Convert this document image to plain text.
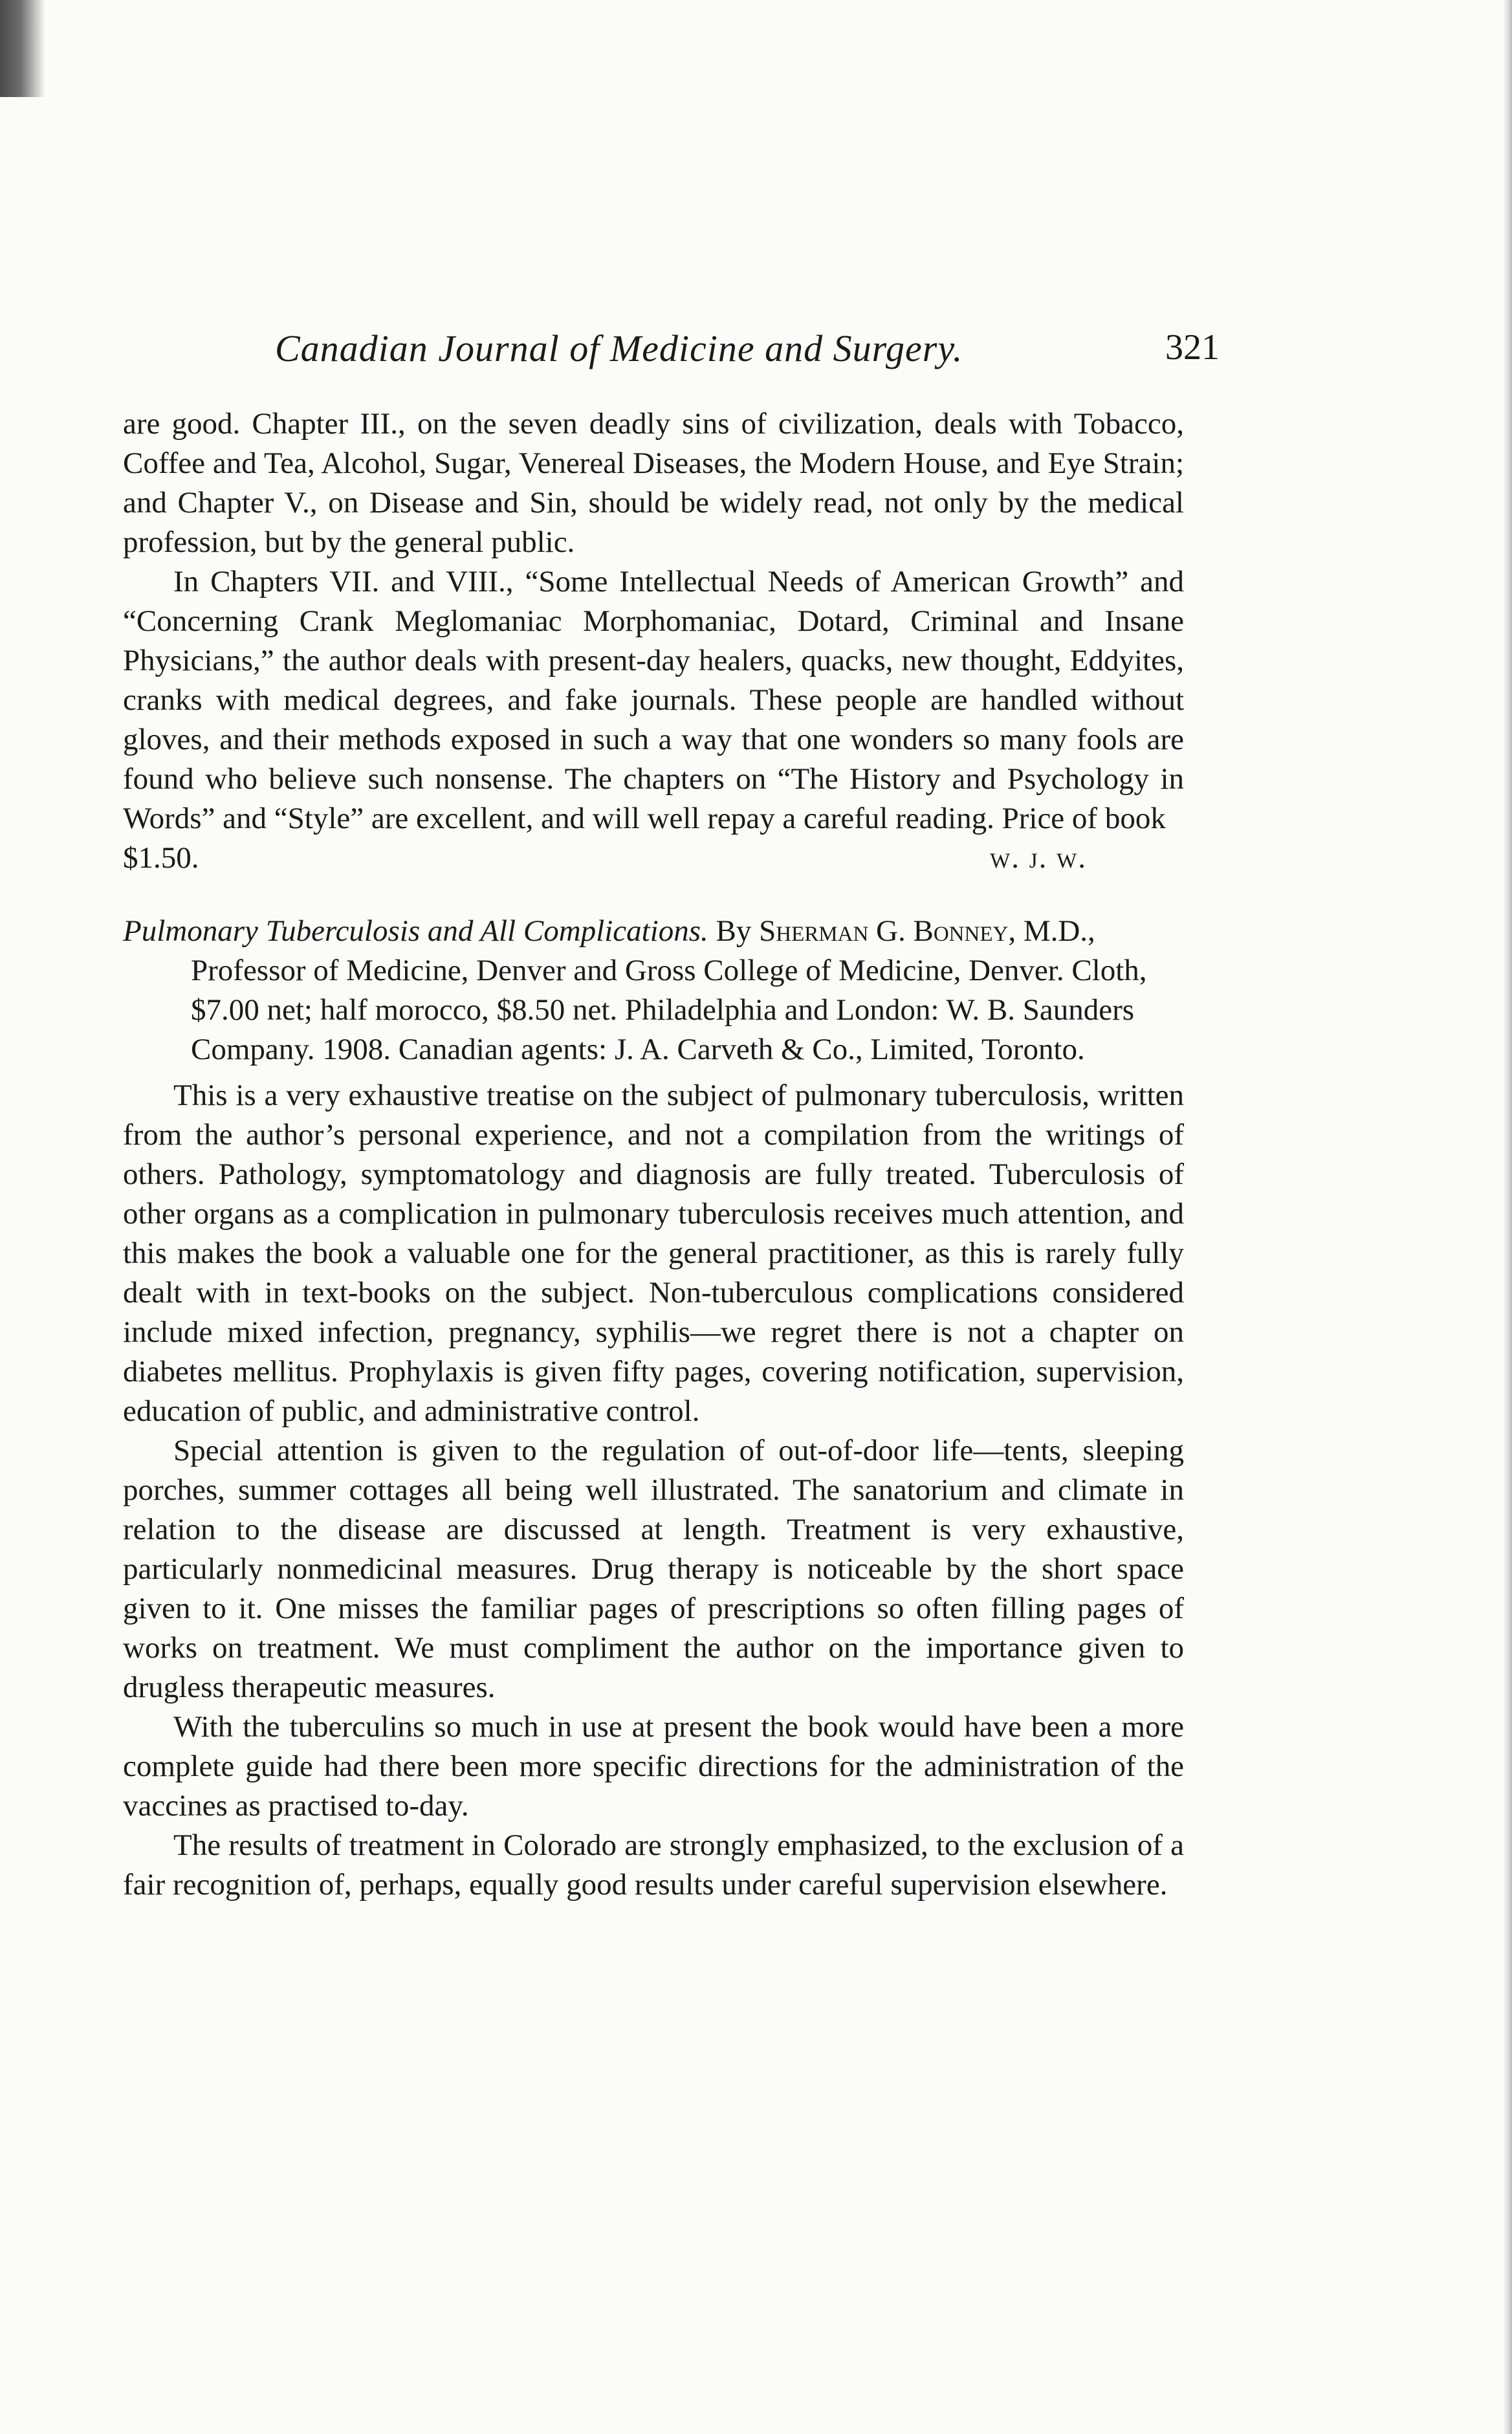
Canadian Journal of Medicine and Surgery.	321

are good. Chapter III., on the seven deadly sins of civilization, deals with Tobacco, Coffee and Tea, Alcohol, Sugar, Venereal Diseases, the Modern House, and Eye Strain; and Chapter V., on Disease and Sin, should be widely read, not only by the medical profession, but by the general public.

In Chapters VII. and VIII., “Some Intellectual Needs of American Growth” and “Concerning Crank Meglomaniac Morphomaniac, Dotard, Criminal and Insane Physicians,” the author deals with present-day healers, quacks, new thought, Eddyites, cranks with medical degrees, and fake journals. These people are handled without gloves, and their methods exposed in such a way that one wonders so many fools are found who believe such nonsense. The chapters on “The History and Psychology in Words” and “Style” are excellent, and will well repay a careful reading. Price of book

$1.50.	w. j. w.

Pulmonary Tuberculosis and All Complications. By Sherman G. Bonney, M.D., Professor of Medicine, Denver and Gross College of Medicine, Denver. Cloth, $7.00 net; half morocco, $8.50 net. Philadelphia and London: W. B. Saunders Company. 1908. Canadian agents: J. A. Carveth & Co., Limited, Toronto.

This is a very exhaustive treatise on the subject of pulmonary tuberculosis, written from the author’s personal experience, and not a compilation from the writings of others. Pathology, symptomatology and diagnosis are fully treated. Tuberculosis of other organs as a complication in pulmonary tuberculosis receives much attention, and this makes the book a valuable one for the general practitioner, as this is rarely fully dealt with in text-books on the subject. Non-tuberculous complications considered include mixed infection, pregnancy, syphilis—we regret there is not a chapter on diabetes mellitus. Prophylaxis is given fifty pages, covering notification, supervision, education of public, and administrative control.

Special attention is given to the regulation of out-of-door life—tents, sleeping porches, summer cottages all being well illustrated. The sanatorium and climate in relation to the disease are discussed at length. Treatment is very exhaustive, particularly nonmedicinal measures. Drug therapy is noticeable by the short space given to it. One misses the familiar pages of prescriptions so often filling pages of works on treatment. We must compliment the author on the importance given to drugless therapeutic measures.

With the tuberculins so much in use at present the book would have been a more complete guide had there been more specific directions for the administration of the vaccines as practised to-day.

The results of treatment in Colorado are strongly emphasized, to the exclusion of a fair recognition of, perhaps, equally good results under careful supervision elsewhere.
